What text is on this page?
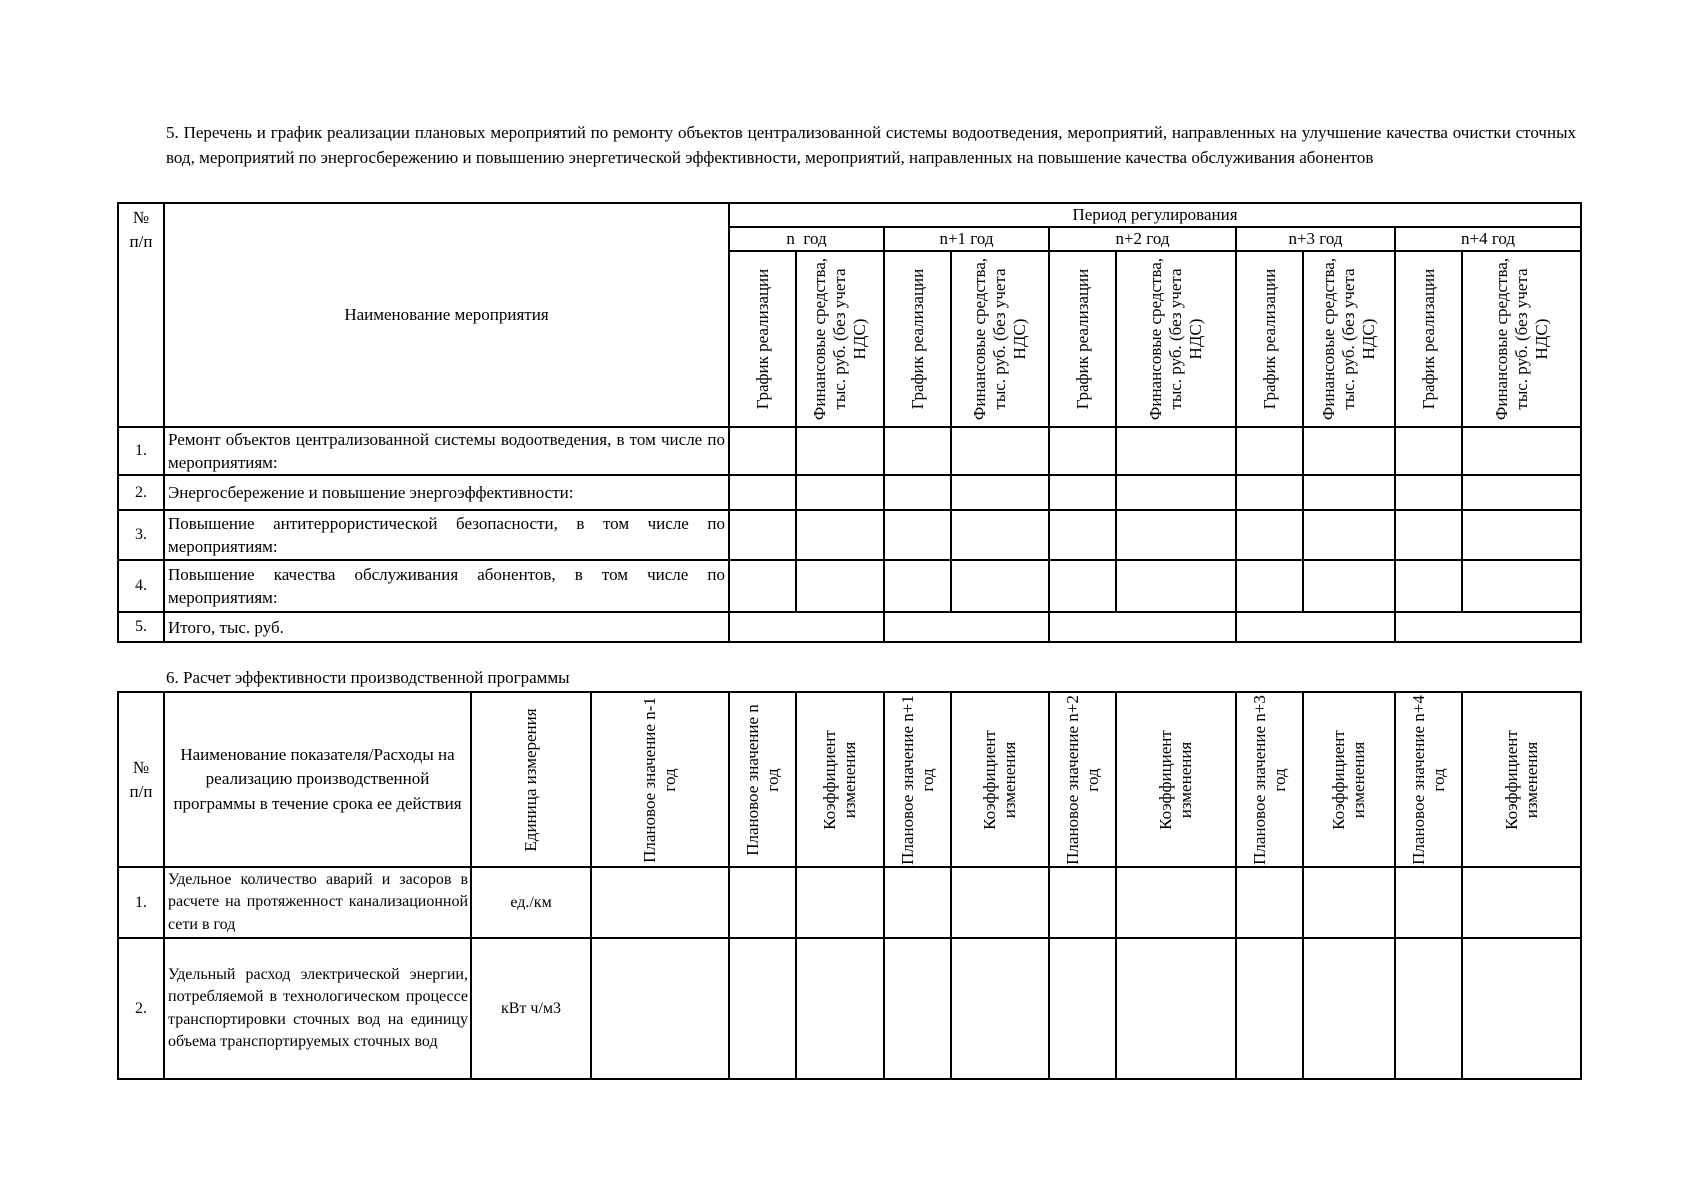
5. Перечень и график реализации плановых мероприятий по ремонту объектов централизованной системы водоотведения, мероприятий, направленных на улучшение качества очистки сточных вод, мероприятий по энергосбережению и повышению энергетической эффективности, мероприятий, направленных на повышение качества обслуживания абонентов

№ п/п	Наименование мероприятия	Период регулирования									
		n  год		n+1 год		n+2 год		n+3 год		n+4 год	

		График реализации	Финансовые средства, тыс. руб. (без учета НДС)	График реализации	Финансовые средства, тыс. руб. (без учета НДС)	График реализации	Финансовые средства, тыс. руб. (без учета НДС)	График реализации	Финансовые средства, тыс. руб. (без учета НДС)	График реализации	Финансовые средства, тыс. руб. (без учета НДС)

1.	Ремонт объектов централизованной системы водоотведения, в том числе по мероприятиям:										
2.	Энергосбережение и повышение энергоэффективности:										
3.	Повышение антитеррористической безопасности, в том числе по мероприятиям:										
4.	Повышение качества обслуживания абонентов, в том числе по мероприятиям:										
5.	Итого, тыс. руб.										

6. Расчет эффективности производственной программы

№ п/п	Наименование показателя/Расходы на реализацию производственной программы в течение срока ее действия	Единица измерения	Плановое значение n-1 год	Плановое значение n год	Коэффициент изменения	Плановое значение n+1 год	Коэффициент изменения	Плановое значение n+2 год	Коэффициент изменения	Плановое значение n+3 год	Коэффициент изменения	Плановое значение n+4 год	Коэффициент изменения

1.	Удельное количество аварий и засоров в расчете на протяженност канализационной сети в год	ед./км											
2.	Удельный расход электрической энергии, потребляемой в технологическом процессе транспортировки сточных вод на единицу объема транспортируемых сточных вод	кВт ч/м3											
